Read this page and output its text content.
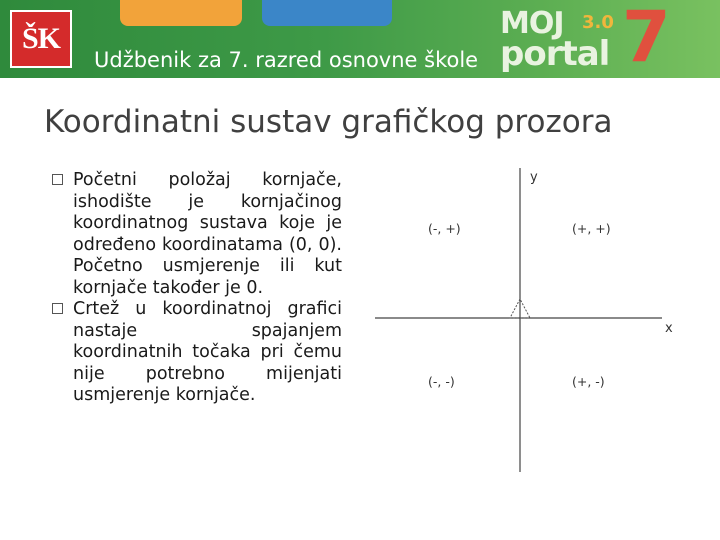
ŠK
Udžbenik za 7. razred osnovne škole
MOJ 3.0
portal 7
Koordinatni sustav grafičkog prozora
Početni položaj kornjače, ishodište je kornjačinog koordinatnog sustava koje je određeno koordinatama (0, 0). Početno usmjerenje ili kut kornjače također je 0.
Crtež u koordinatnoj grafici nastaje spajanjem koordinatnih točaka pri čemu nije potrebno mijenjati usmjerenje kornjače.
y
x
(-, +)	(+, +)
(-, -)	(+, -)
